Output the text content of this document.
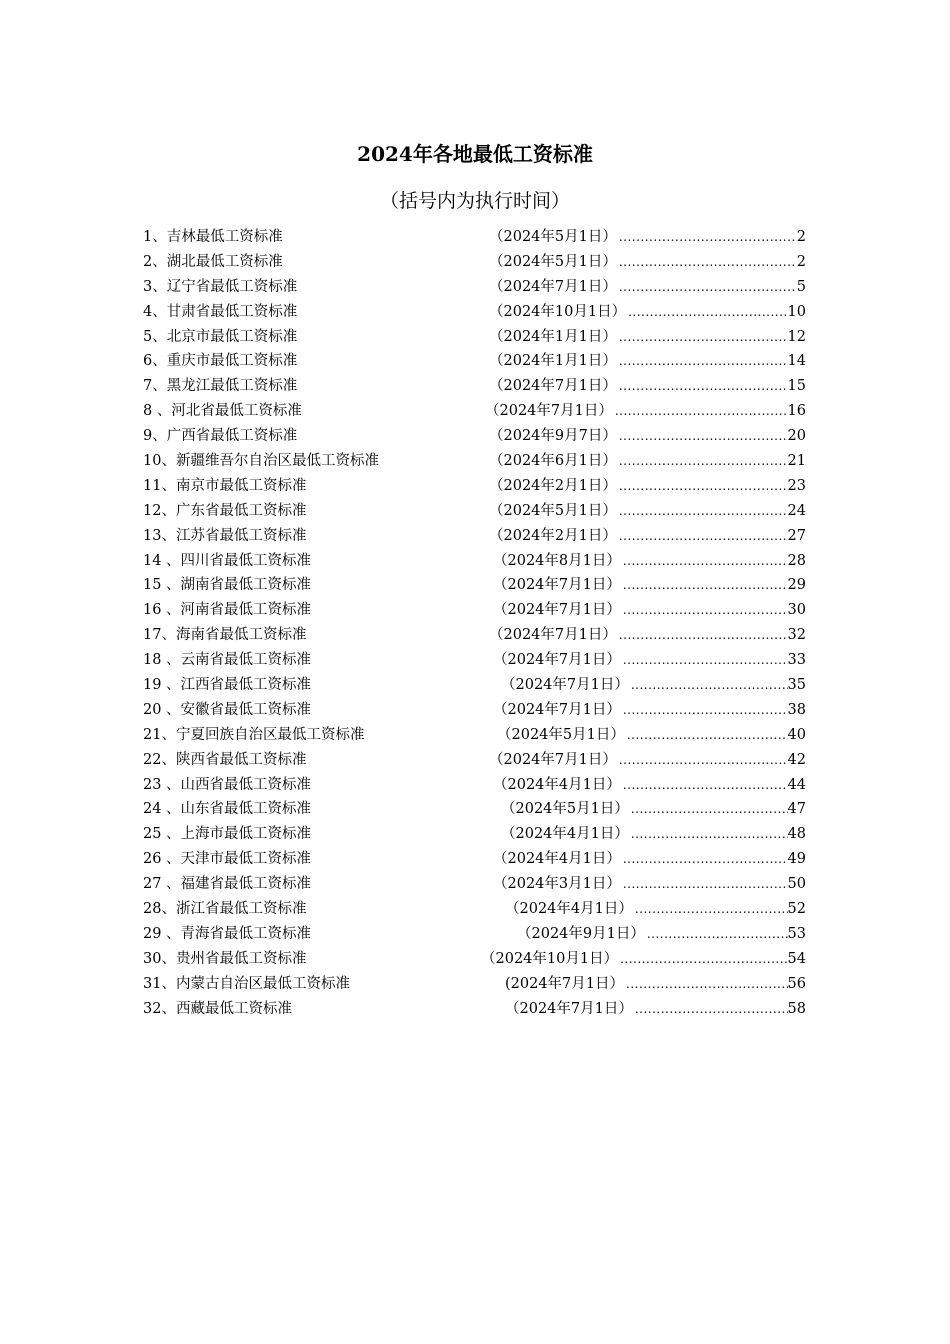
2024年各地最低工资标准
（括号内为执行时间）
1、吉林最低工资标准	（2024年5月1日） .....	2
2、湖北最低工资标准	（2024年5月1日） .....	2
3、辽宁省最低工资标准	（2024年7月1日） .....	5
4、甘肃省最低工资标准	（2024年10月1日） .....	10
5、北京市最低工资标准	（2024年1月1日） .....	12
6、重庆市最低工资标准	（2024年1月1日） .....	14
7、黑龙江最低工资标准	（2024年7月1日） .....	15
8 、河北省最低工资标准	（2024年7月1日） .....	16
9、广西省最低工资标准	（2024年9月7日） .....	20
10、新疆维吾尔自治区最低工资标准	（2024年6月1日） .....	21
11、南京市最低工资标准	（2024年2月1日） .....	23
12、广东省最低工资标准	（2024年5月1日） .....	24
13、江苏省最低工资标准	（2024年2月1日） .....	27
14 、四川省最低工资标准	（2024年8月1日） .....	28
15 、湖南省最低工资标准	（2024年7月1日） .....	29
16 、河南省最低工资标准	（2024年7月1日） .....	30
17、海南省最低工资标准	（2024年7月1日） .....	32
18 、云南省最低工资标准	（2024年7月1日） .....	33
19 、江西省最低工资标准	（2024年7月1日） .....	35
20 、安徽省最低工资标准	（2024年7月1日） .....	38
21、宁夏回族自治区最低工资标准	（2024年5月1日） .....	40
22、陕西省最低工资标准	（2024年7月1日） .....	42
23 、山西省最低工资标准	（2024年4月1日） .....	44
24 、山东省最低工资标准	（2024年5月1日） .....	47
25 、上海市最低工资标准	（2024年4月1日） .....	48
26 、天津市最低工资标准	（2024年4月1日） .....	49
27 、福建省最低工资标准	（2024年3月1日） .....	50
28、浙江省最低工资标准	（2024年4月1日） .....	52
29 、青海省最低工资标准	（2024年9月1日） .....	53
30、贵州省最低工资标准	（2024年10月1日） .....	54
31、内蒙古自治区最低工资标准	(2024年7月1日） .....	56
32、西藏最低工资标准	（2024年7月1日） .....	58
